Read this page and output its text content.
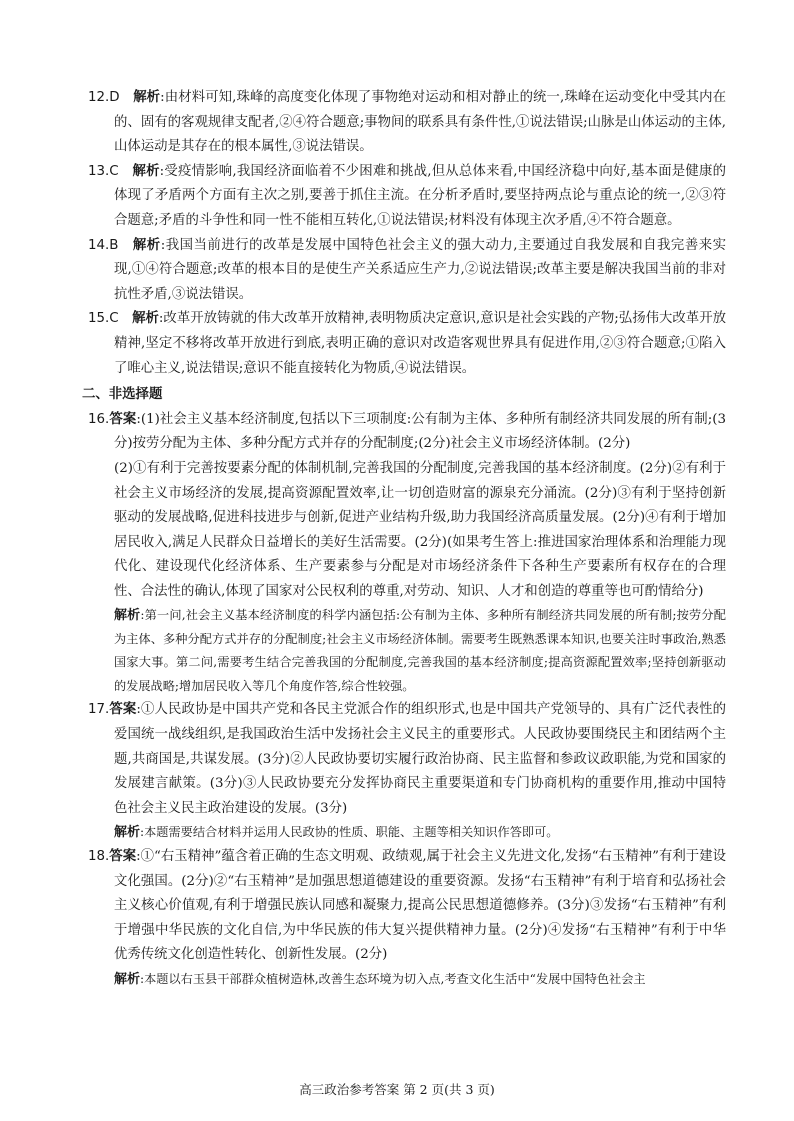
12.D　 解析:由材料可知,珠峰的高度变化体现了事物绝对运动和相对静止的统一,珠峰在运动变化中受其内在的、固有的客观规律支配者,②④符合题意;事物间的联系具有条件性,①说法错误;山脉是山体运动的主体,山体运动是其存在的根本属性,③说法错误。

13.C　 解析:受疫情影响,我国经济面临着不少困难和挑战,但从总体来看,中国经济稳中向好,基本面是健康的体现了矛盾两个方面有主次之别,要善于抓住主流。在分析矛盾时,要坚持两点论与重点论的统一,②③符合题意;矛盾的斗争性和同一性不能相互转化,①说法错误;材料没有体现主次矛盾,④不符合题意。

14.B　 解析:我国当前进行的改革是发展中国特色社会主义的强大动力,主要通过自我发展和自我完善来实现,①④符合题意;改革的根本目的是使生产关系适应生产力,②说法错误;改革主要是解决我国当前的非对抗性矛盾,③说法错误。

15.C　 解析:改革开放铸就的伟大改革开放精神,表明物质决定意识,意识是社会实践的产物;弘扬伟大改革开放精神,坚定不移将改革开放进行到底,表明正确的意识对改造客观世界具有促进作用,②③符合题意;①陷入了唯心主义,说法错误;意识不能直接转化为物质,④说法错误。

二、非选择题

16.答案:(1)社会主义基本经济制度,包括以下三项制度:公有制为主体、多种所有制经济共同发展的所有制;(3分)按劳分配为主体、多种分配方式并存的分配制度;(2分)社会主义市场经济体制。(2分)

(2)①有利于完善按要素分配的体制机制,完善我国的分配制度,完善我国的基本经济制度。(2分)②有利于社会主义市场经济的发展,提高资源配置效率,让一切创造财富的源泉充分涌流。(2分)③有利于坚持创新驱动的发展战略,促进科技进步与创新,促进产业结构升级,助力我国经济高质量发展。(2分)④有利于增加居民收入,满足人民群众日益增长的美好生活需要。(2分)(如果考生答上:推进国家治理体系和治理能力现代化、建设现代化经济体系、生产要素参与分配是对市场经济条件下各种生产要素所有权存在的合理性、合法性的确认,体现了国家对公民权利的尊重,对劳动、知识、人才和创造的尊重等也可酌情给分)

解析:第一问,社会主义基本经济制度的科学内涵包括:公有制为主体、多种所有制经济共同发展的所有制;按劳分配为主体、多种分配方式并存的分配制度;社会主义市场经济体制。需要考生既熟悉课本知识,也要关注时事政治,熟悉国家大事。第二问,需要考生结合完善我国的分配制度,完善我国的基本经济制度;提高资源配置效率;坚持创新驱动的发展战略;增加居民收入等几个角度作答,综合性较强。

17.答案:①人民政协是中国共产党和各民主党派合作的组织形式,也是中国共产党领导的、具有广泛代表性的爱国统一战线组织,是我国政治生活中发扬社会主义民主的重要形式。人民政协要围绕民主和团结两个主题,共商国是,共谋发展。(3分)②人民政协要切实履行政治协商、民主监督和参政议政职能,为党和国家的发展建言献策。(3分)③人民政协要充分发挥协商民主重要渠道和专门协商机构的重要作用,推动中国特色社会主义民主政治建设的发展。(3分)

解析:本题需要结合材料并运用人民政协的性质、职能、主题等相关知识作答即可。

18.答案:①“右玉精神”蕴含着正确的生态文明观、政绩观,属于社会主义先进文化,发扬“右玉精神”有利于建设文化强国。(2分)②“右玉精神”是加强思想道德建设的重要资源。发扬“右玉精神”有利于培育和弘扬社会主义核心价值观,有利于增强民族认同感和凝聚力,提高公民思想道德修养。(3分)③发扬“右玉精神”有利于增强中华民族的文化自信,为中华民族的伟大复兴提供精神力量。(2分)④发扬“右玉精神”有利于中华优秀传统文化创造性转化、创新性发展。(2分)

解析:本题以右玉县干部群众植树造林,改善生态环境为切入点,考查文化生活中“发展中国特色社会主

高三政治参考答案 第 2 页(共 3 页)
